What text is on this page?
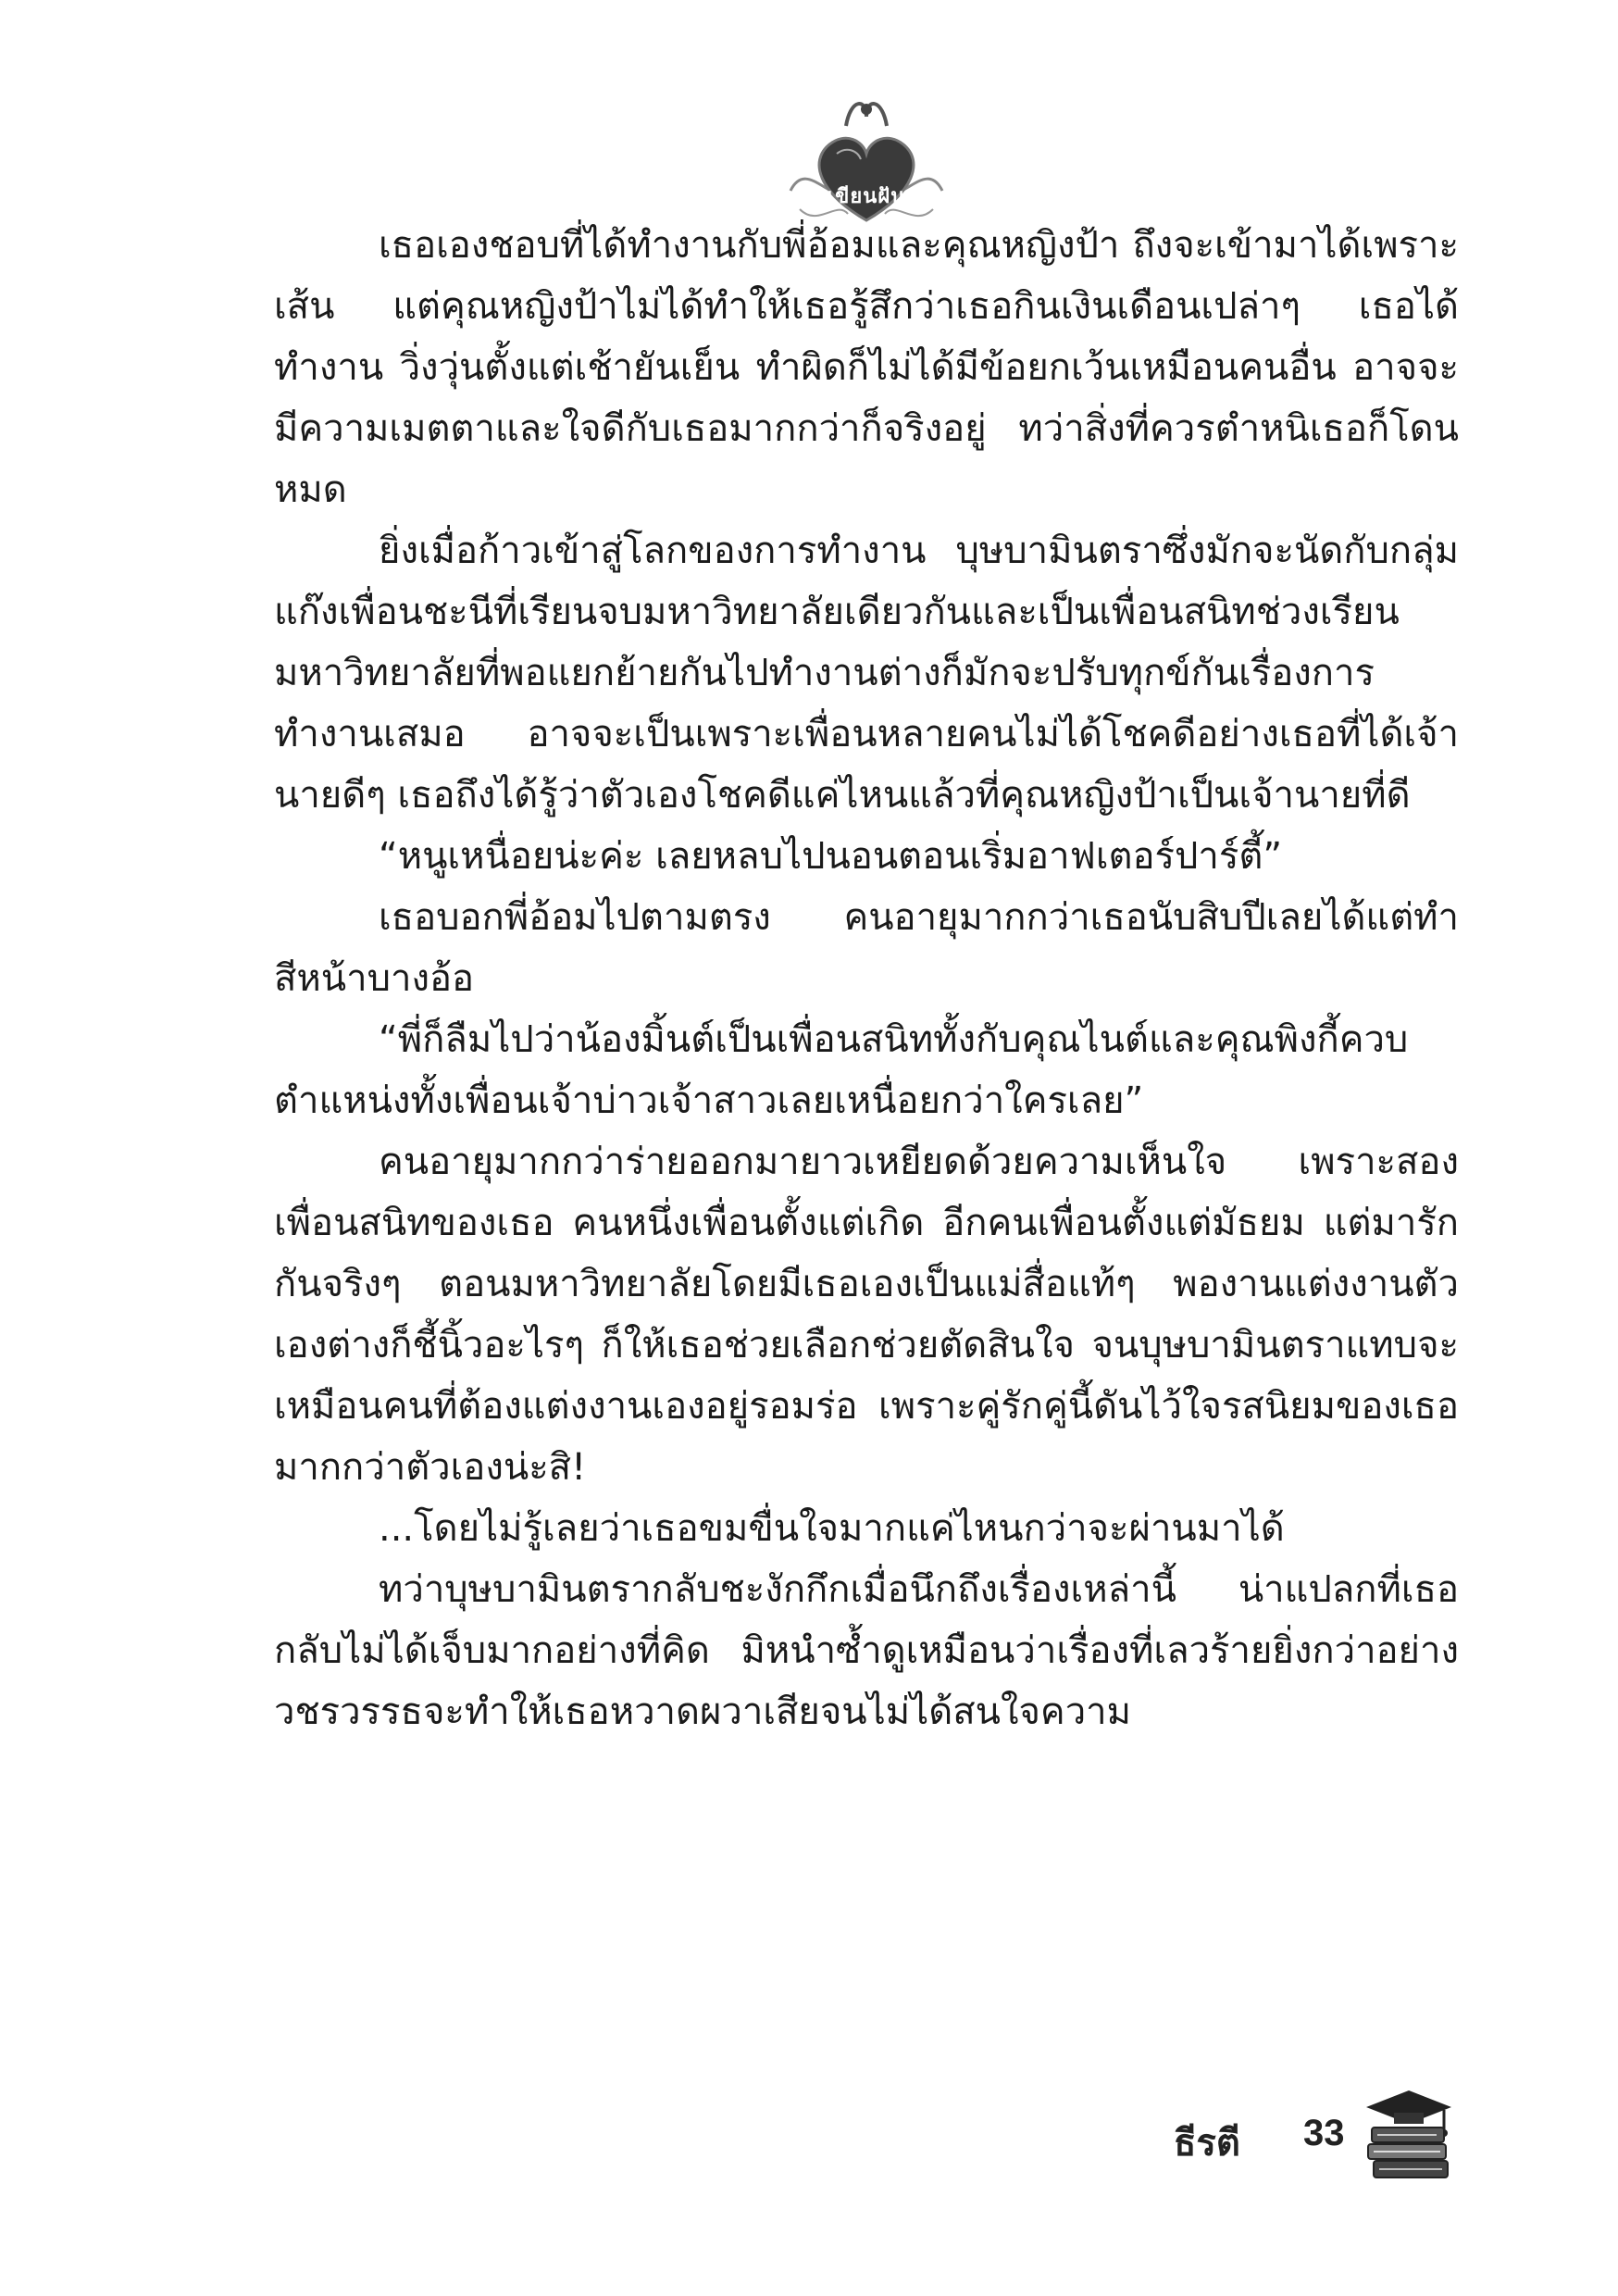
เขียนฝัน

เธอเองชอบที่ได้ทำงานกับพี่อ้อมและคุณหญิงป้า ถึงจะเข้ามาได้เพราะเส้น แต่คุณหญิงป้าไม่ได้ทำให้เธอรู้สึกว่าเธอกินเงินเดือนเปล่าๆ เธอได้ทำงาน วิ่งวุ่นตั้งแต่เช้ายันเย็น ทำผิดก็ไม่ได้มีข้อยกเว้นเหมือนคนอื่น อาจจะมีความเมตตาและใจดีกับเธอมากกว่าก็จริงอยู่ ทว่าสิ่งที่ควรตำหนิเธอก็โดนหมด

ยิ่งเมื่อก้าวเข้าสู่โลกของการทำงาน บุษบามินตราซึ่งมักจะนัดกับกลุ่มแก๊งเพื่อนชะนีที่เรียนจบมหาวิทยาลัยเดียวกันและเป็นเพื่อนสนิทช่วงเรียนมหาวิทยาลัยที่พอแยกย้ายกันไปทำงานต่างก็มักจะปรับทุกข์กันเรื่องการทำงานเสมอ อาจจะเป็นเพราะเพื่อนหลายคนไม่ได้โชคดีอย่างเธอที่ได้เจ้านายดีๆ เธอถึงได้รู้ว่าตัวเองโชคดีแค่ไหนแล้วที่คุณหญิงป้าเป็นเจ้านายที่ดี

“หนูเหนื่อยน่ะค่ะ เลยหลบไปนอนตอนเริ่มอาฟเตอร์ปาร์ตี้”

เธอบอกพี่อ้อมไปตามตรง คนอายุมากกว่าเธอนับสิบปีเลยได้แต่ทำสีหน้าบางอ้อ

“พี่ก็ลืมไปว่าน้องมิ้นต์เป็นเพื่อนสนิททั้งกับคุณไนต์และคุณพิงกี้ควบตำแหน่งทั้งเพื่อนเจ้าบ่าวเจ้าสาวเลยเหนื่อยกว่าใครเลย”

คนอายุมากกว่าร่ายออกมายาวเหยียดด้วยความเห็นใจ เพราะสองเพื่อนสนิทของเธอ คนหนึ่งเพื่อนตั้งแต่เกิด อีกคนเพื่อนตั้งแต่มัธยม แต่มารักกันจริงๆ ตอนมหาวิทยาลัยโดยมีเธอเองเป็นแม่สื่อแท้ๆ พองานแต่งงานตัวเองต่างก็ชี้นิ้วอะไรๆ ก็ให้เธอช่วยเลือกช่วยตัดสินใจ จนบุษบามินตราแทบจะเหมือนคนที่ต้องแต่งงานเองอยู่รอมร่อ เพราะคู่รักคู่นี้ดันไว้ใจรสนิยมของเธอมากกว่าตัวเองน่ะสิ!

...โดยไม่รู้เลยว่าเธอขมขื่นใจมากแค่ไหนกว่าจะผ่านมาได้

ทว่าบุษบามินตรากลับชะงักกึกเมื่อนึกถึงเรื่องเหล่านี้ น่าแปลกที่เธอกลับไม่ได้เจ็บมากอย่างที่คิด มิหนำซ้ำดูเหมือนว่าเรื่องที่เลวร้ายยิ่งกว่าอย่างวชรวรรธจะทำให้เธอหวาดผวาเสียจนไม่ได้สนใจความ

ธีรตี 33
